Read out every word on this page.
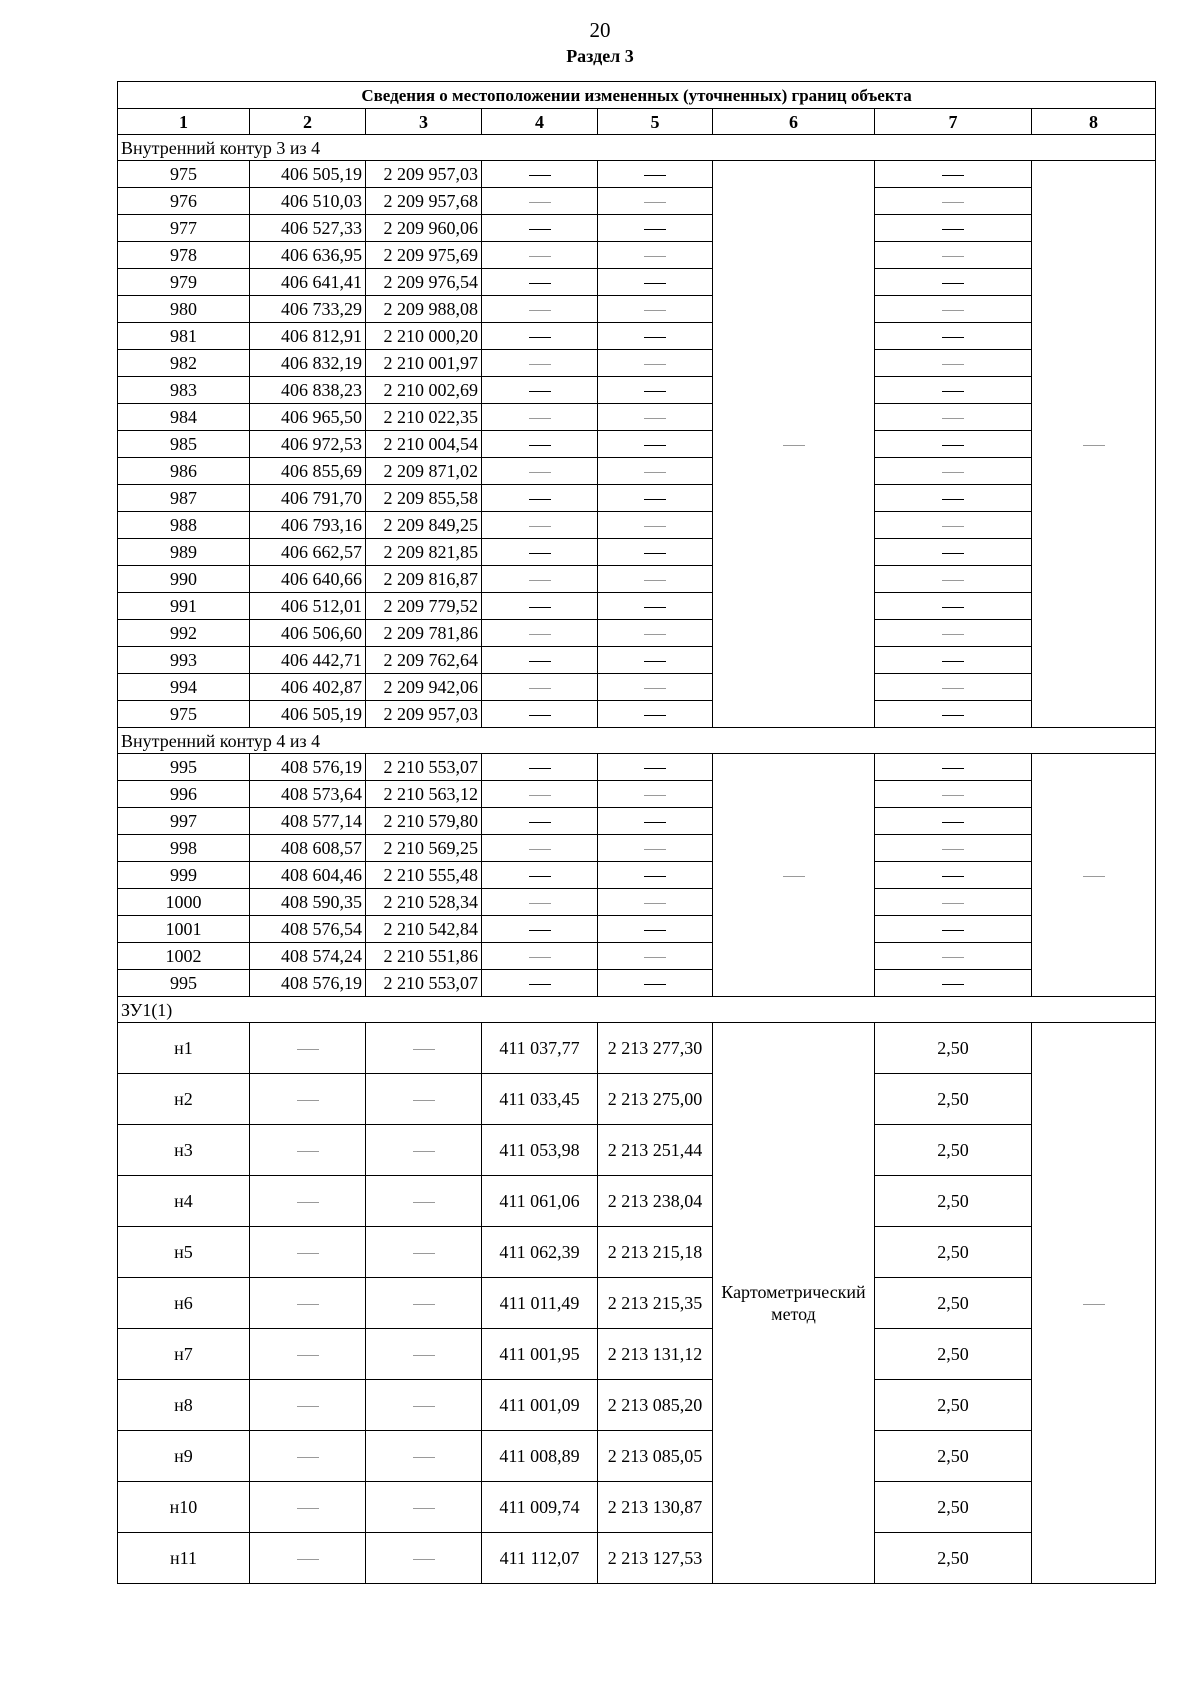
20
Раздел 3
Сведения о местоположении измененных (уточненных) границ объекта							
1	2	3	4	5	6	7	8
Внутренний контур 3 из 4							
975	406 505,19	2 209 957,03					
976	406 510,03	2 209 957,68					
977	406 527,33	2 209 960,06					
978	406 636,95	2 209 975,69					
979	406 641,41	2 209 976,54					
980	406 733,29	2 209 988,08					
981	406 812,91	2 210 000,20					
982	406 832,19	2 210 001,97					
983	406 838,23	2 210 002,69					
984	406 965,50	2 210 022,35					
985	406 972,53	2 210 004,54					
986	406 855,69	2 209 871,02					
987	406 791,70	2 209 855,58					
988	406 793,16	2 209 849,25					
989	406 662,57	2 209 821,85					
990	406 640,66	2 209 816,87					
991	406 512,01	2 209 779,52					
992	406 506,60	2 209 781,86					
993	406 442,71	2 209 762,64					
994	406 402,87	2 209 942,06					
975	406 505,19	2 209 957,03					
Внутренний контур 4 из 4							
995	408 576,19	2 210 553,07					
996	408 573,64	2 210 563,12					
997	408 577,14	2 210 579,80					
998	408 608,57	2 210 569,25					
999	408 604,46	2 210 555,48					
1000	408 590,35	2 210 528,34					
1001	408 576,54	2 210 542,84					
1002	408 574,24	2 210 551,86					
995	408 576,19	2 210 553,07					
ЗУ1(1)							
н1			411 037,77	2 213 277,30	Картометрический метод	2,50	
н2			411 033,45	2 213 275,00		2,50	
н3			411 053,98	2 213 251,44		2,50	
н4			411 061,06	2 213 238,04		2,50	
н5			411 062,39	2 213 215,18		2,50	
н6			411 011,49	2 213 215,35		2,50	
н7			411 001,95	2 213 131,12		2,50	
н8			411 001,09	2 213 085,20		2,50	
н9			411 008,89	2 213 085,05		2,50	
н10			411 009,74	2 213 130,87		2,50	
н11			411 112,07	2 213 127,53		2,50	
